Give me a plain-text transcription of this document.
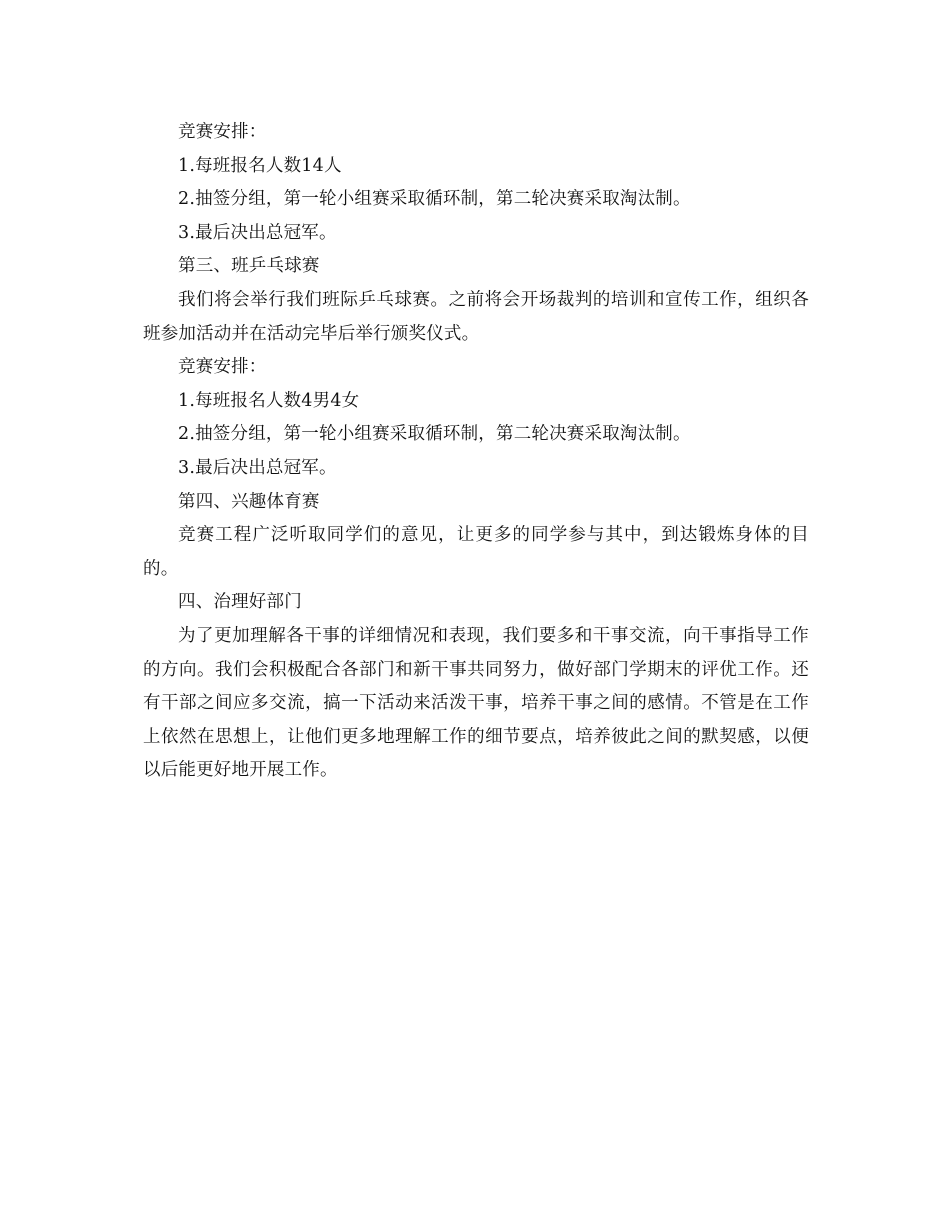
竞赛安排：

1.每班报名人数14人

2.抽签分组，第一轮小组赛采取循环制，第二轮决赛采取淘汰制。

3.最后决出总冠军。

第三、班乒乓球赛

我们将会举行我们班际乒乓球赛。之前将会开场裁判的培训和宣传工作，组织各班参加活动并在活动完毕后举行颁奖仪式。

竞赛安排：

1.每班报名人数4男4女

2.抽签分组，第一轮小组赛采取循环制，第二轮决赛采取淘汰制。

3.最后决出总冠军。

第四、兴趣体育赛

竞赛工程广泛听取同学们的意见，让更多的同学参与其中，到达锻炼身体的目的。

四、治理好部门

为了更加理解各干事的详细情况和表现，我们要多和干事交流，向干事指导工作的方向。我们会积极配合各部门和新干事共同努力，做好部门学期末的评优工作。还有干部之间应多交流，搞一下活动来活泼干事，培养干事之间的感情。不管是在工作上依然在思想上，让他们更多地理解工作的细节要点，培养彼此之间的默契感，以便以后能更好地开展工作。
